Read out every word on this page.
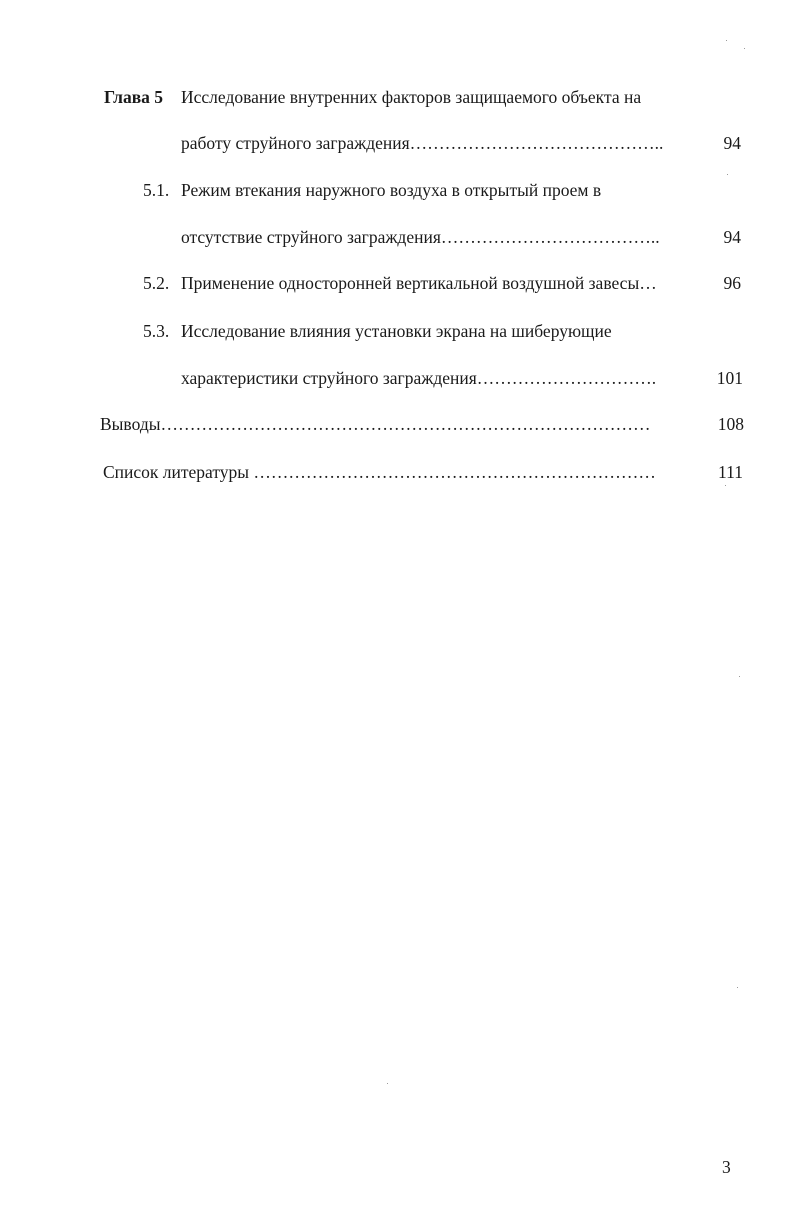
Глава 5 Исследование внутренних факторов защищаемого объекта на
работу струйного заграждения……………………………………..	94
5.1. Режим втекания наружного воздуха в открытый проем в
отсутствие струйного заграждения………………………………..	94
5.2. Применение односторонней вертикальной воздушной завесы…	96
5.3. Исследование влияния установки экрана на шиберующие
характеристики струйного заграждения………………………….	101
Выводы…………………………………………………………………………	108
Список литературы ……………………………………………………………	111
3
